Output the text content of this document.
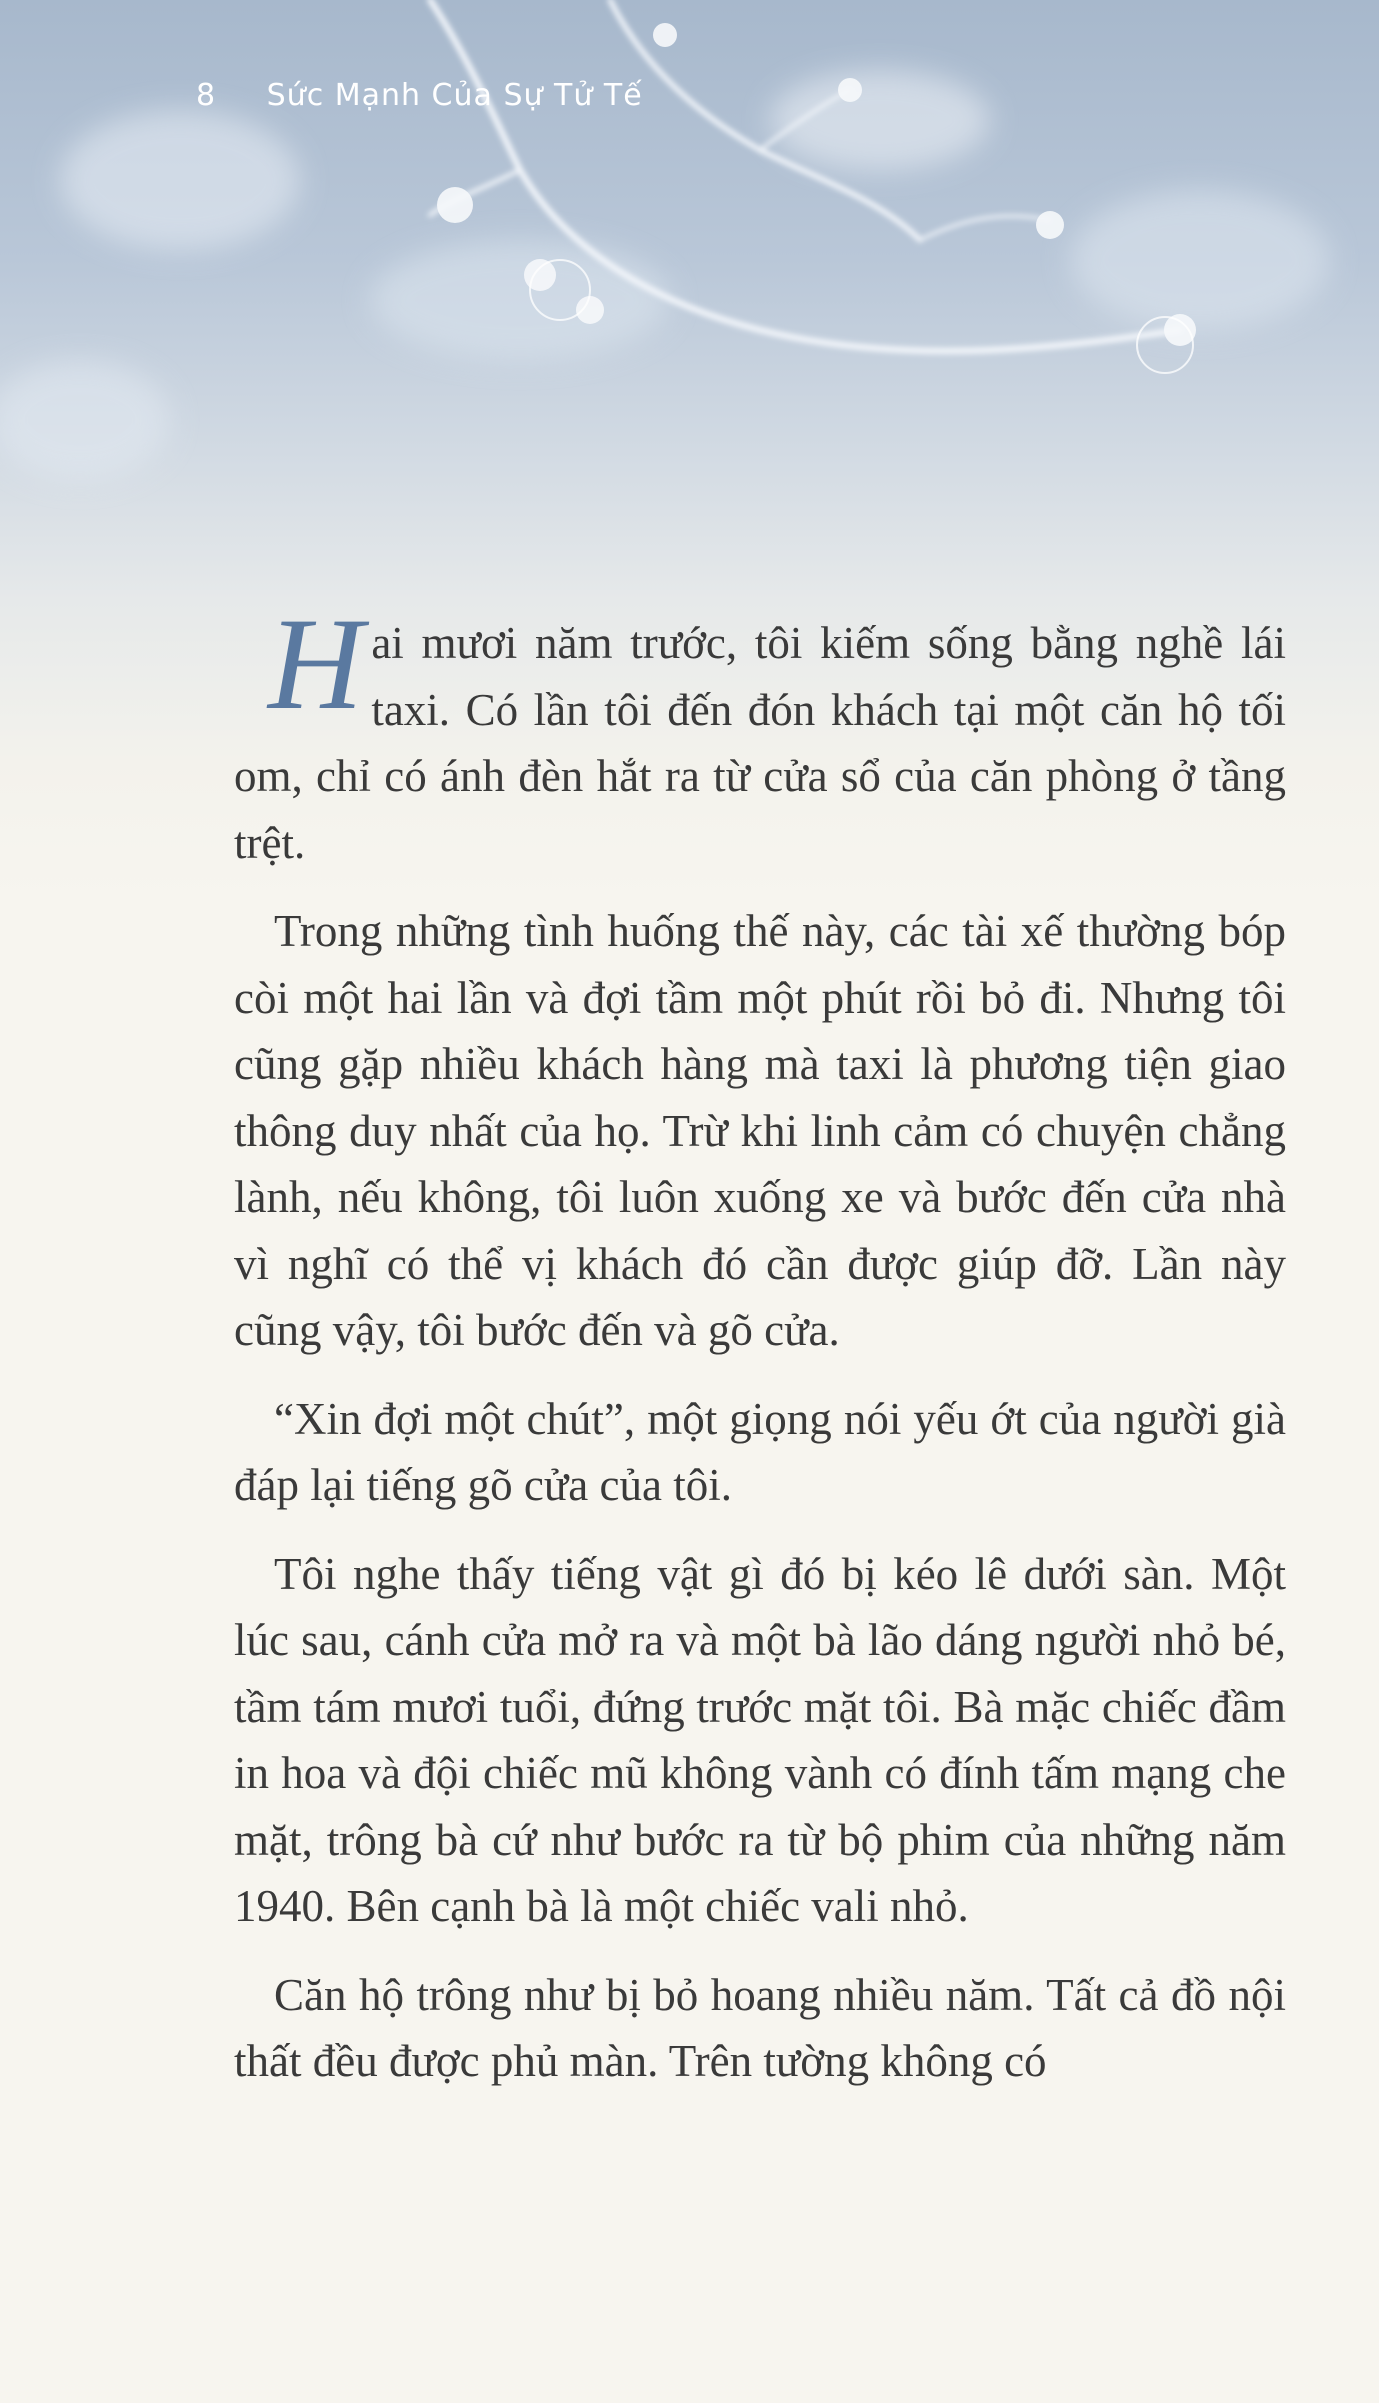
8 Sức Mạnh Của Sự Tử Tế

H ai mươi năm trước, tôi kiếm sống bằng nghề lái taxi. Có lần tôi đến đón khách tại một căn hộ tối om, chỉ có ánh đèn hắt ra từ cửa sổ của căn phòng ở tầng trệt.

Trong những tình huống thế này, các tài xế thường bóp còi một hai lần và đợi tầm một phút rồi bỏ đi. Nhưng tôi cũng gặp nhiều khách hàng mà taxi là phương tiện giao thông duy nhất của họ. Trừ khi linh cảm có chuyện chẳng lành, nếu không, tôi luôn xuống xe và bước đến cửa nhà vì nghĩ có thể vị khách đó cần được giúp đỡ. Lần này cũng vậy, tôi bước đến và gõ cửa.

“Xin đợi một chút”, một giọng nói yếu ớt của người già đáp lại tiếng gõ cửa của tôi.

Tôi nghe thấy tiếng vật gì đó bị kéo lê dưới sàn. Một lúc sau, cánh cửa mở ra và một bà lão dáng người nhỏ bé, tầm tám mươi tuổi, đứng trước mặt tôi. Bà mặc chiếc đầm in hoa và đội chiếc mũ không vành có đính tấm mạng che mặt, trông bà cứ như bước ra từ bộ phim của những năm 1940. Bên cạnh bà là một chiếc vali nhỏ.

Căn hộ trông như bị bỏ hoang nhiều năm. Tất cả đồ nội thất đều được phủ màn. Trên tường không có
